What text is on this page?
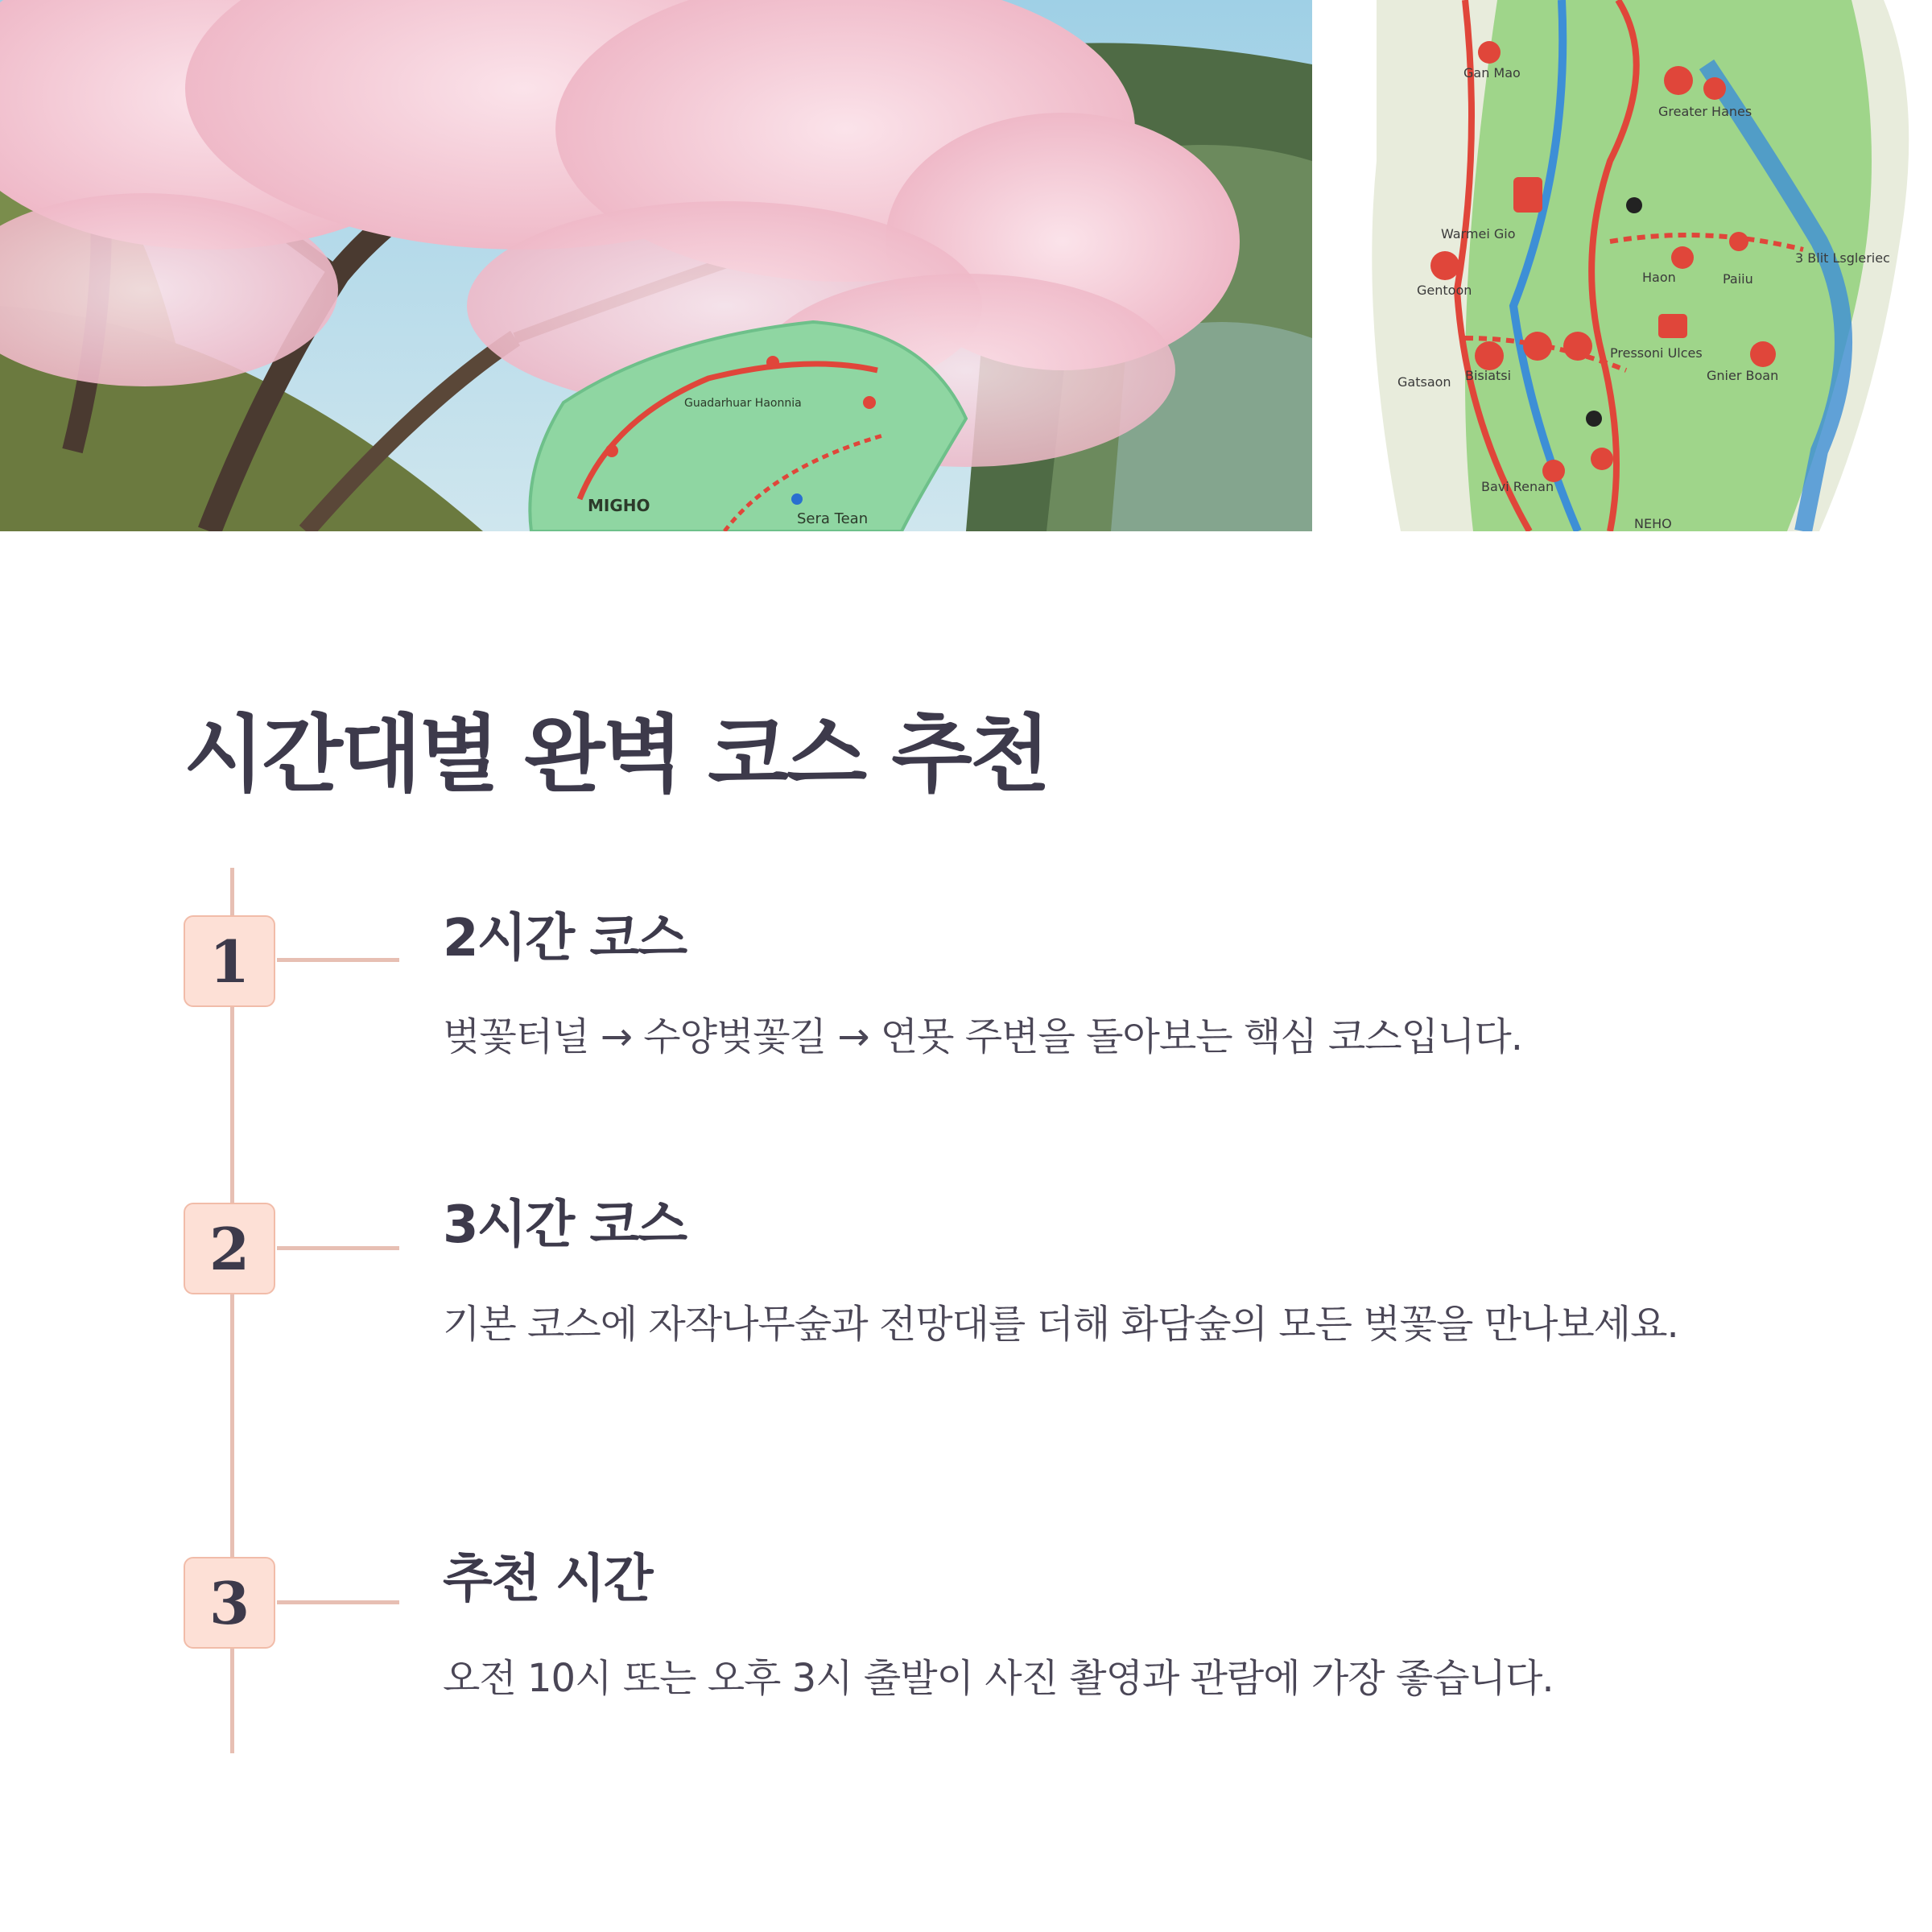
MIGHO
Guadarhuar Haonnia
Sera Tean
Gan Mao
Greater Hanes
Warmei Gio
Gentoon
Haon	Paiiu
3 Blit Lsgleriec
Bisiatsi
Pressoni Ulces
Gnier Boan
Gatsaon
Bavi Renan
NEHO
시간대별 완벽 코스 추천
1	2시간 코스

벚꽃터널 → 수양벚꽃길 → 연못 주변을 돌아보는 핵심 코스입니다.

2	3시간 코스

기본 코스에 자작나무숲과 전망대를 더해 화담숲의 모든 벚꽃을 만나보세요.

3	추천 시간

오전 10시 또는 오후 3시 출발이 사진 촬영과 관람에 가장 좋습니다.
